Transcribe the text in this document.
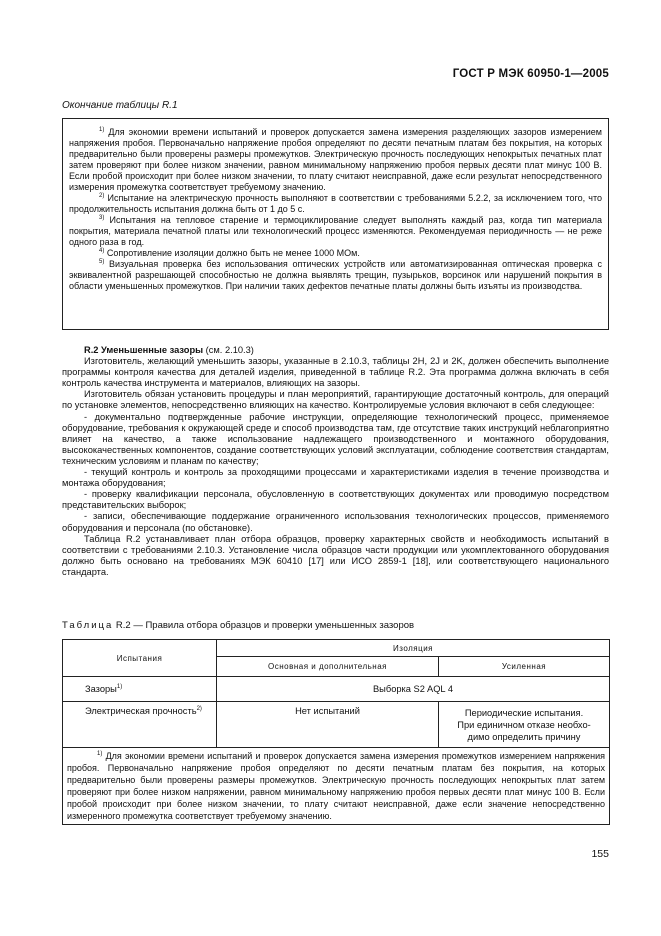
ГОСТ Р МЭК 60950-1—2005
Окончание таблицы R.1

$^{1)}$ Для экономии времени испытаний и проверок допускается замена измерения разделяющих зазоров измерением напряжения пробоя. Первоначально напряжение пробоя определяют по десяти печатным платам без покрытия, на которых предварительно были проверены размеры промежутков. Электрическую прочность последующих непокрытых печатных плат затем проверяют при более низком значении, равном минимальному напряжению пробоя первых десяти плат минус 100 В. Если пробой происходит при более низком значении, то плату считают неисправной, даже если результат непосредственного измерения промежутка соответствует требуемому значению.

$^{2)}$ Испытание на электрическую прочность выполняют в соответствии с требованиями 5.2.2, за исключением того, что продолжительность испытания должна быть от 1 до 5 с.

$^{3)}$ Испытания на тепловое старение и термоциклирование следует выполнять каждый раз, когда тип материала покрытия, материала печатной платы или технологический процесс изменяются. Рекомендуемая периодичность — не реже одного раза в год.

$^{4)}$ Сопротивление изоляции должно быть не менее 1000 МОм.

$^{5)}$ Визуальная проверка без использования оптических устройств или автоматизированная оптическая проверка с эквивалентной разрешающей способностью не должна выявлять трещин, пузырьков, ворсинок или нарушений покрытия в области уменьшенных промежутков. При наличии таких дефектов печатные платы должны быть изъяты из производства.

R.2 Уменьшенные зазоры (см. 2.10.3)

Изготовитель, желающий уменьшить зазоры, указанные в 2.10.3, таблицы 2Н, 2J и 2K, должен обеспечить выполнение программы контроля качества для деталей изделия, приведенной в таблице R.2. Эта программа должна включать в себя контроль качества инструмента и материалов, влияющих на зазоры.

Изготовитель обязан установить процедуры и план мероприятий, гарантирующие достаточный контроль, для операций по установке элементов, непосредственно влияющих на качество. Контролируемые условия включают в себя следующее:

- документально подтвержденные рабочие инструкции, определяющие технологический процесс, применяемое оборудование, требования к окружающей среде и способ производства там, где отсутствие таких инструкций неблагоприятно влияет на качество, а также использование надлежащего производственного и монтажного оборудования, высококачественных компонентов, создание соответствующих условий эксплуатации, соблюдение соответствия стандартам, техническим условиям и планам по качеству;

- текущий контроль и контроль за проходящими процессами и характеристиками изделия в течение производства и монтажа оборудования;

- проверку квалификации персонала, обусловленную в соответствующих документах или проводимую посредством представительских выборок;

- записи, обеспечивающие поддержание ограниченного использования технологических процессов, применяемого оборудования и персонала (по обстановке).

Таблица R.2 устанавливает план отбора образцов, проверку характерных свойств и необходимость испытаний в соответствии с требованиями 2.10.3. Установление числа образцов части продукции или укомплектованного оборудования должно быть основано на требованиях МЭК 60410 [17] или ИСО 2859-1 [18], или соответствующего национального стандарта.

Таблица R.2 — Правила отбора образцов и проверки уменьшенных зазоров
Испытания	Изоляция	
	Основная и дополнительная	Усиленная
Зазоры$^{1)}$	Выборка S2 AQL 4	
Электрическая прочность$^{2)}$	Нет испытаний	Периодические испытания.
При единичном отказе необхо-
димо определить причину

$^{1)}$ Для экономии времени испытаний и проверок допускается замена измерения промежутков измерением напряжения пробоя. Первоначально напряжение пробоя определяют по десяти печатным платам без покрытия, на которых предварительно были проверены размеры промежутков. Электрическую прочность последующих непокрытых плат затем проверяют при более низком напряжении, равном минимальному напряжению пробоя первых десяти плат минус 100 В. Если пробой происходит при более низком значении, то плату считают неисправной, даже если значение непосредственно измеренного промежутка соответствует требуемому значению.		

155
